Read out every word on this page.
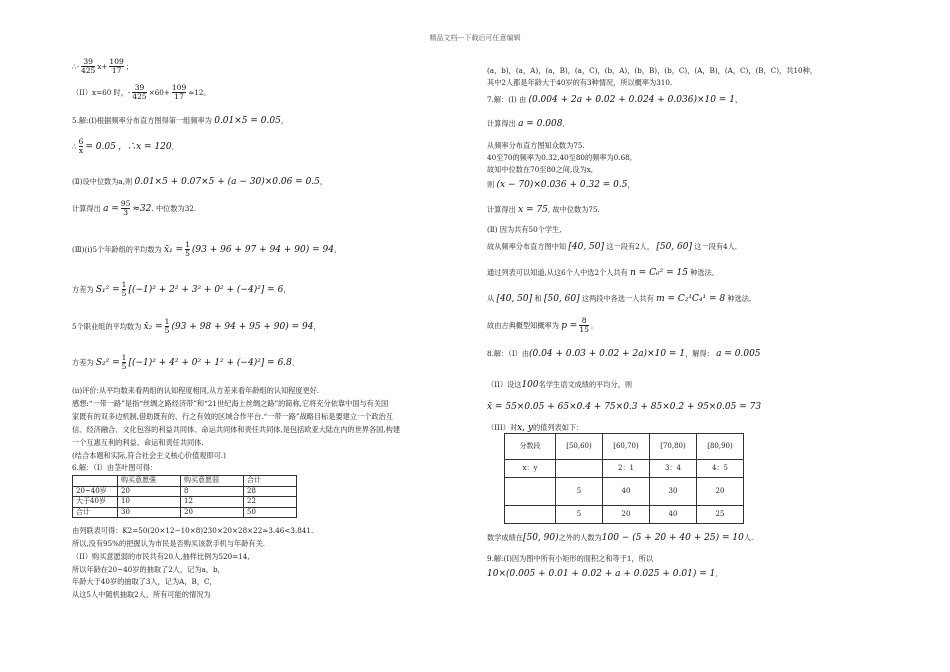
精品文档---下载后可任意编辑
∴- $\frac{39}{425} x+ \frac{109}{17}$ ；
（II）x=60 时，- $\frac{39}{425} \times 60+ \frac{109}{17} \approx 12$。
5.解:(Ⅰ)根据频率分布直方图得第一组频率为 0.01×5 = 0.05，
∴ $\frac{6}{x} = 0.05$ ，∴x = 120．
(Ⅱ)设中位数为a,则 0.01×5 + 0.07×5 + (a − 30)×0.06 = 0.5，
计算得出 $a = \frac{95}{3} \approx 32$. 中位数为32.
(Ⅲ)(ⅰ)5个年龄组的平均数为 x̄₁ = $\frac{1}{5} (93 + 96 + 97 + 94 + 90) = 94$，
方差为 $S_1^2 = \frac{1}{5} [(-1)^2 + 2^2 + 3^2 + 0^2 + (-4)^2] = 6$，
5个职业组的平均数为 x̄₂ = $\frac{1}{5} (93 + 98 + 94 + 95 + 90) = 94$，
方差为 $S_2^2 = \frac{1}{5} [(-1)^2 + 4^2 + 0^2 + 1^2 + (-4)^2] = 6.8$．
(ⅱ)评价:从平均数来看两组的认知程度相同,从方差来看年龄组的认知程度更好.
感想:“一带一路”是指“丝绸之路经济带”和“21世纪海上丝绸之路”的简称,它将充分依靠中国与有关国
家既有的双多边机制,借助既有的、行之有效的区域合作平台.“一带一路”战略目标是要建立一个政治互
信、经济融合、文化包容的利益共同体、命运共同体和责任共同体,是包括欧亚大陆在内的世界各国,构建
一个互惠互利的利益、命运和责任共同体.
(结合本题和实际,符合社会主义核心价值观即可.)
6.解：（I）由茎叶图可得：
	购买意愿强	购买意愿弱	合计
20~40岁	20	8	28
大于40岁	10	12	22
合计	30	20	50
由列联表可得：K2=50(20×12−10×8)230×20×28×22≈3.46<3.841.
所以,没有95%的把握认为市民是否购买该款手机与年龄有关.
（II）购买意愿弱的市民共有20人,抽样比例为520=14,
所以年龄在20~40岁的抽取了2人，记为a，b，
年龄大于40岁的抽取了3人，记为A，B，C，
从这5人中随机抽取2人，所有可能的情况为
(a，b)，(a，A)，(a，B)，(a，C)，(b，A)，(b，B)，(b，C)，(A，B)，(A，C)，(B，C)，共10种，
其中2人都是年龄大于40岁的有3种情况，所以概率为310.
7.解：(Ⅰ) 由 (0.004 + 2a + 0.02 + 0.024 + 0.036)×10 = 1，
计算得出 a = 0.008．
从频率分布直方图知众数为75.
40至70的频率为0.32,40至80的频率为0.68,
故知中位数在70至80之间,设为x,
则 (x − 70)×0.036 + 0.32 = 0.5，
计算得出 x = 75, 故中位数为75.
(Ⅱ) 因为共有50个学生,
故从频率分布直方图中知 [40, 50] 这一段有2人， [50, 60] 这一段有4人.
通过列表可以知道,从这6个人中选2个人共有 n = C₆² = 15 种选法,
从 [40, 50] 和 [50, 60] 这两段中各选一人共有 m = C₂¹C₄¹ = 8 种选法,
故由古典概型知概率为 $p = \frac{8}{15}$ ．
8.解：（I）由(0.04 + 0.03 + 0.02 + 2a)×10 = 1，解得： a = 0.005
（II）设这100名学生语文成绩的平均分，则
x̄ = 55×0.05 + 65×0.4 + 75×0.3 + 85×0.2 + 95×0.05 = 73
（III）对x, y的值列表如下：
分数段	[50,60)	[60,70)	[70,80)	[80,90)
x：y		2：1	3：4	4：5
	5	40	30	20
	5	20	40	25
数学成绩在[50, 90)之外的人数为100 − (5 + 20 + 40 + 25) = 10人.
9.解:(Ⅰ)因为图中所有小矩形的面积之和等于1，所以
10×(0.005 + 0.01 + 0.02 + a + 0.025 + 0.01) = 1．
